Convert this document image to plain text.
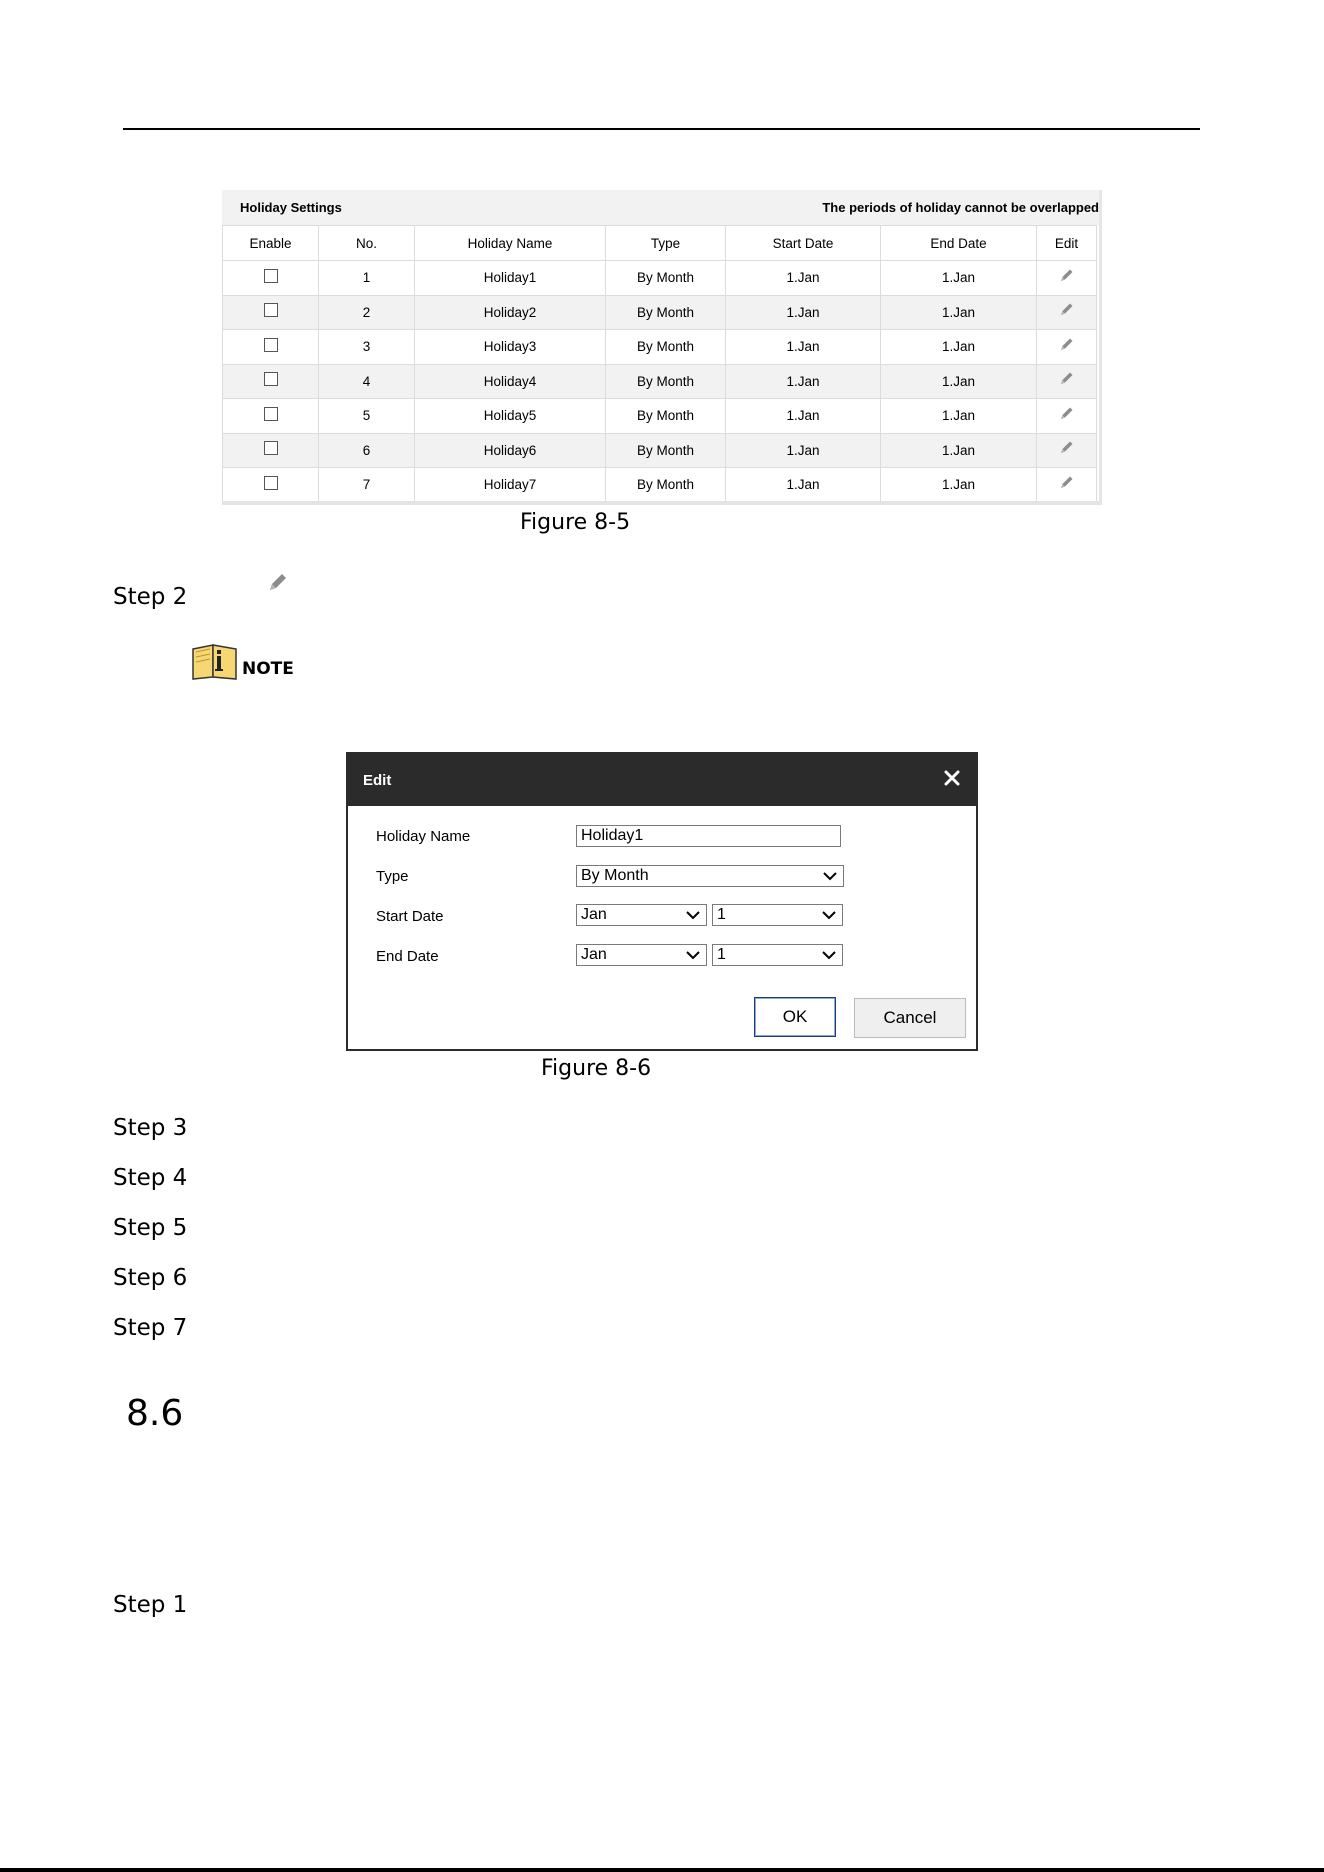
Holiday Settings	The periods of holiday cannot be overlapped
Enable	No.	Holiday Name	Type	Start Date	End Date	Edit
	1	Holiday1	By Month	1.Jan	1.Jan	
	2	Holiday2	By Month	1.Jan	1.Jan	
	3	Holiday3	By Month	1.Jan	1.Jan	
	4	Holiday4	By Month	1.Jan	1.Jan	
	5	Holiday5	By Month	1.Jan	1.Jan	
	6	Holiday6	By Month	1.Jan	1.Jan	
	7	Holiday7	By Month	1.Jan	1.Jan	
Figure 8-5
Step 2
NOTE
Edit
Holiday Name	Holiday1
Type	By Month
Start Date	Jan	1
End Date	Jan	1
OK	Cancel
Figure 8-6
Step 3
Step 4
Step 5
Step 6
Step 7
8.6
Step 1
